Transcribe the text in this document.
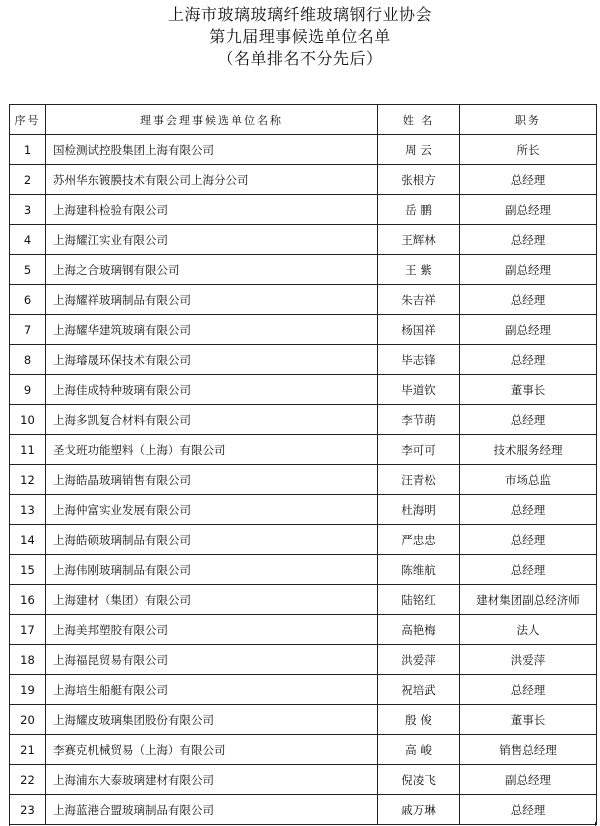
上海市玻璃玻璃纤维玻璃钢行业协会
第九届理事候选单位名单
（名单排名不分先后）
序号	理事会理事候选单位名称	姓 名	职务
1	国检测试控股集团上海有限公司	周 云	所长
2	苏州华东镀膜技术有限公司上海分公司	张根方	总经理
3	上海建科检验有限公司	岳 鹏	副总经理
4	上海耀江实业有限公司	王辉林	总经理
5	上海之合玻璃钢有限公司	王 紫	副总经理
6	上海耀祥玻璃制品有限公司	朱吉祥	总经理
7	上海耀华建筑玻璃有限公司	杨国祥	副总经理
8	上海璿晟环保技术有限公司	毕志锋	总经理
9	上海佳成特种玻璃有限公司	毕道钦	董事长
10	上海多凯复合材料有限公司	李节萌	总经理
11	圣戈班功能塑料（上海）有限公司	李可可	技术服务经理
12	上海皓晶玻璃销售有限公司	汪青松	市场总监
13	上海仲富实业发展有限公司	杜海明	总经理
14	上海皓硕玻璃制品有限公司	严忠忠	总经理
15	上海伟刚玻璃制品有限公司	陈维航	总经理
16	上海建材（集团）有限公司	陆铭红	建材集团副总经济师
17	上海美邦塑胶有限公司	高艳梅	法人
18	上海福昆贸易有限公司	洪爱萍	洪爱萍
19	上海培生船艇有限公司	祝培武	总经理
20	上海耀皮玻璃集团股份有限公司	殷 俊	董事长
21	李赛克机械贸易（上海）有限公司	高 峻	销售总经理
22	上海浦东大泰玻璃建材有限公司	倪凌飞	副总经理
23	上海蓝港合盟玻璃制品有限公司	戚万琳	总经理
